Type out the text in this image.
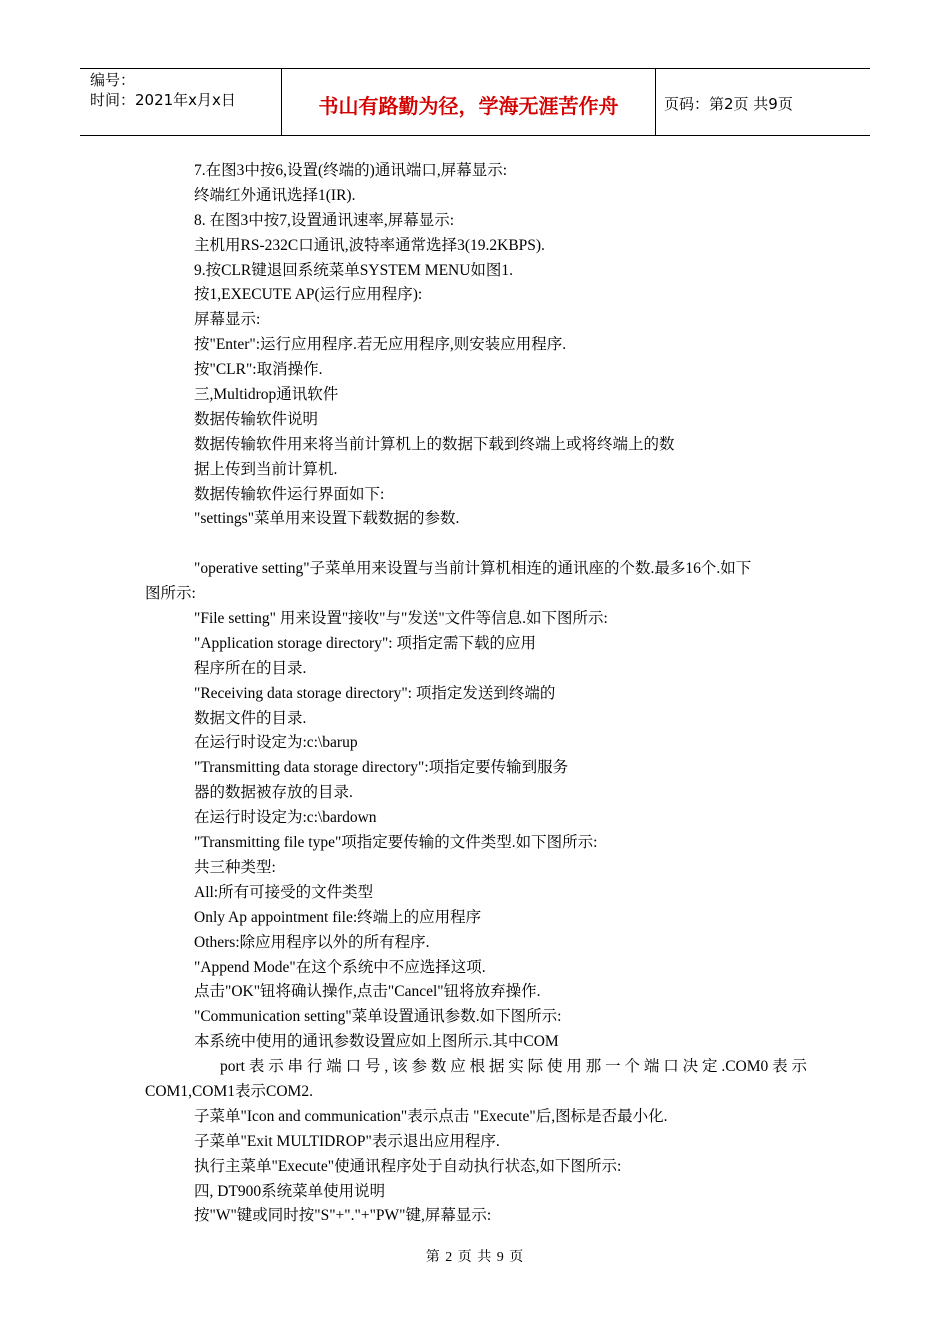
编号：
时间：2021年x月x日	书山有路勤为径，学海无涯苦作舟	页码：第2页 共9页
7.在图3中按6,设置(终端的)通讯端口,屏幕显示:
终端红外通讯选择1(IR).
8. 在图3中按7,设置通讯速率,屏幕显示:
主机用RS-232C口通讯,波特率通常选择3(19.2KBPS).
9.按CLR键退回系统菜单SYSTEM MENU如图1.
按1,EXECUTE AP(运行应用程序):
屏幕显示:
按"Enter":运行应用程序.若无应用程序,则安装应用程序.
按"CLR":取消操作.
三,Multidrop通讯软件
数据传输软件说明
数据传输软件用来将当前计算机上的数据下载到终端上或将终端上的数
据上传到当前计算机.
数据传输软件运行界面如下:
"settings"菜单用来设置下载数据的参数.
"operative setting"子菜单用来设置与当前计算机相连的通讯座的个数.最多16个.如下
图所示:
"File setting" 用来设置"接收"与"发送"文件等信息.如下图所示:
"Application storage directory": 项指定需下载的应用
程序所在的目录.
"Receiving data storage directory": 项指定发送到终端的
数据文件的目录.
在运行时设定为:c:\barup
"Transmitting data storage directory":项指定要传输到服务
器的数据被存放的目录.
在运行时设定为:c:\bardown
"Transmitting file type"项指定要传输的文件类型.如下图所示:
共三种类型:
All:所有可接受的文件类型
Only Ap appointment file:终端上的应用程序
Others:除应用程序以外的所有程序.
"Append Mode"在这个系统中不应选择这项.
点击"OK"钮将确认操作,点击"Cancel"钮将放弃操作.
"Communication setting"菜单设置通讯参数.如下图所示:
本系统中使用的通讯参数设置应如上图所示.其中COM
port表示串行端口号,该参数应根据实际使用那一个端口决定.COM0表示
COM1,COM1表示COM2.
子菜单"Icon and communication"表示点击 "Execute"后,图标是否最小化.
子菜单"Exit MULTIDROP"表示退出应用程序.
执行主菜单"Execute"使通讯程序处于自动执行状态,如下图所示:
四, DT900系统菜单使用说明
按"W"键或同时按"S"+"."+"PW"键,屏幕显示:
第 2 页 共 9 页
